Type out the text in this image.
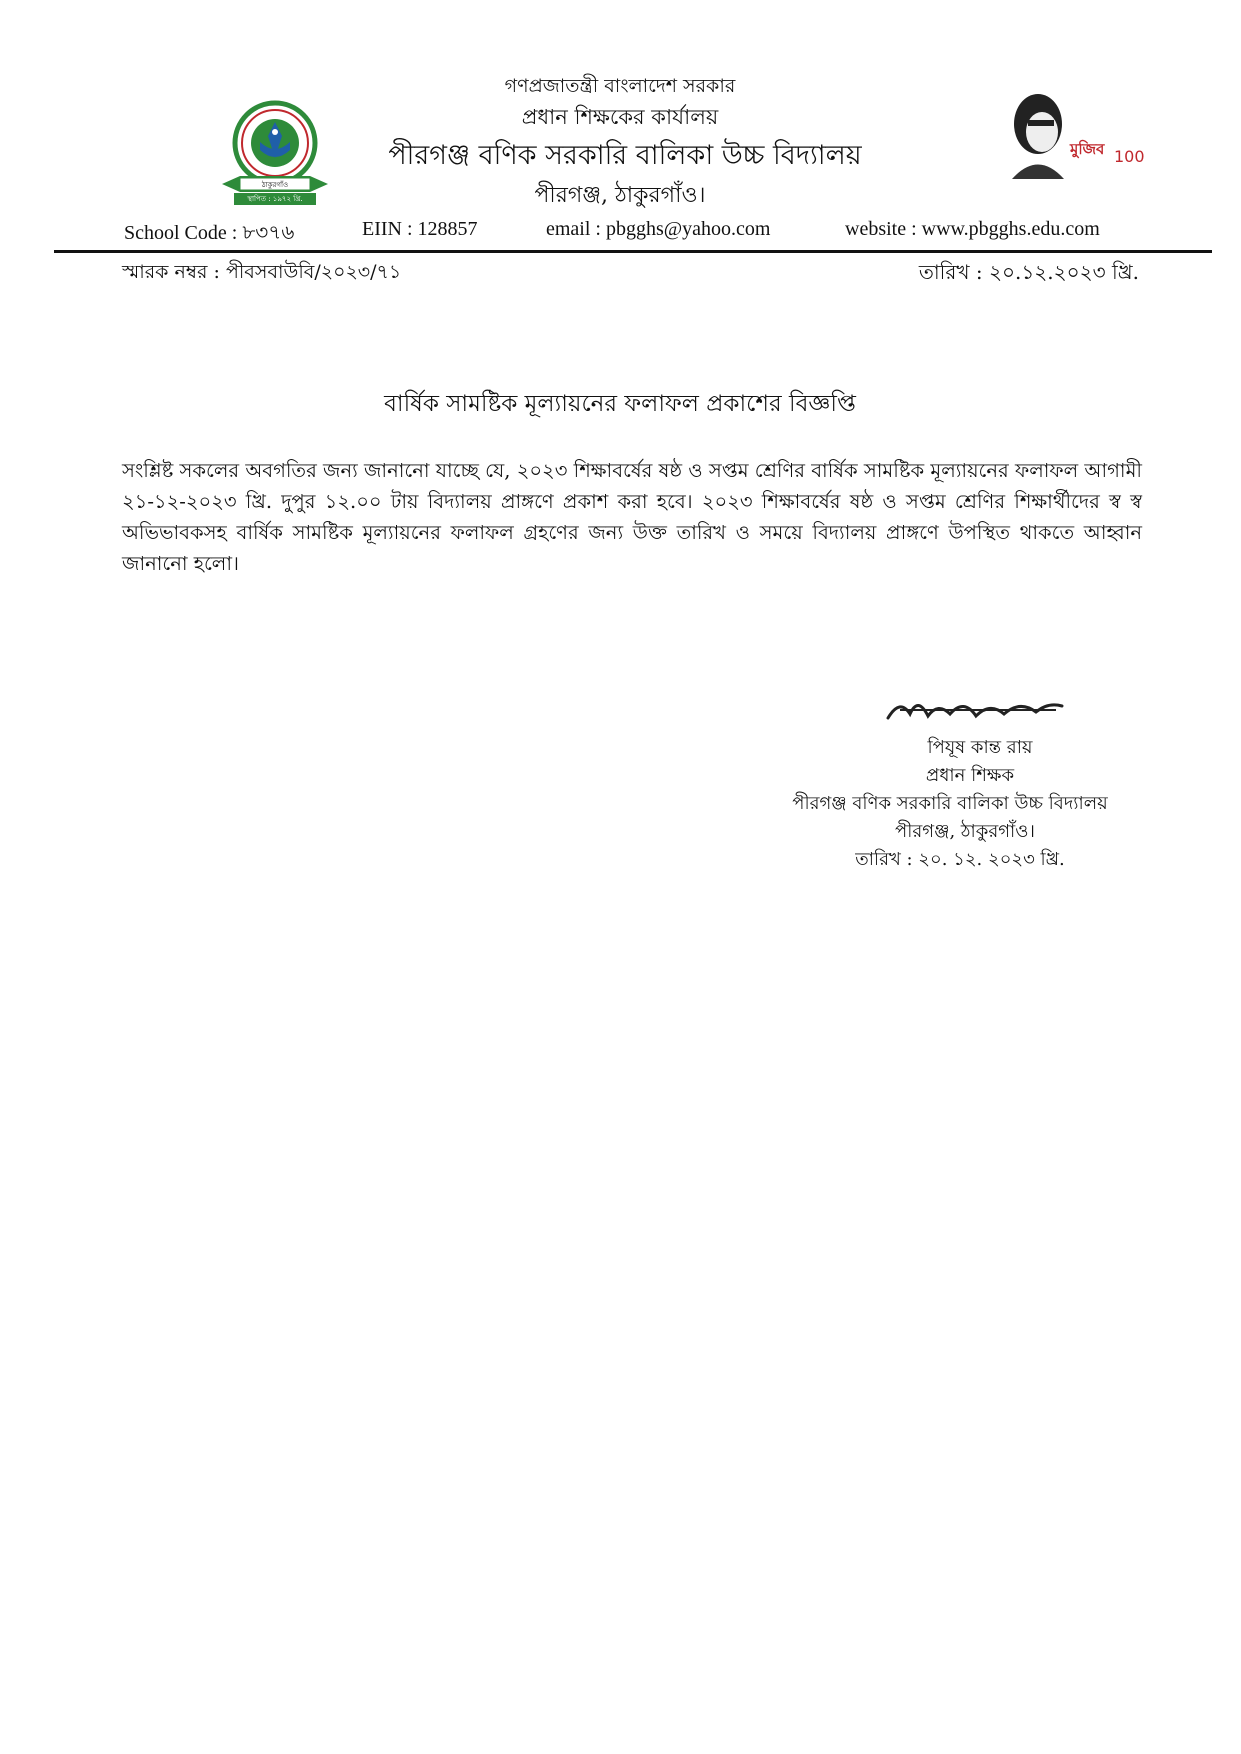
ঠাকুরগাঁও
স্থাপিত : ১৯৭২ খ্রি.
গণপ্রজাতন্ত্রী বাংলাদেশ সরকার
প্রধান শিক্ষকের কার্যালয়
পীরগঞ্জ বণিক সরকারি বালিকা উচ্চ বিদ্যালয়
পীরগঞ্জ, ঠাকুরগাঁও।
মুজিব 100
School Code : ৮৩৭৬	EIIN : 128857	email : pbgghs@yahoo.com	website : www.pbgghs.edu.com
স্মারক নম্বর : পীবসবাউবি/২০২৩/৭১	তারিখ : ২০.১২.২০২৩ খ্রি.
বার্ষিক সামষ্টিক মূল্যায়নের ফলাফল প্রকাশের বিজ্ঞপ্তি
সংশ্লিষ্ট সকলের অবগতির জন্য জানানো যাচ্ছে যে, ২০২৩ শিক্ষাবর্ষের ষষ্ঠ ও সপ্তম শ্রেণির বার্ষিক সামষ্টিক মূল্যায়নের ফলাফল আগামী ২১-১২-২০২৩ খ্রি. দুপুর ১২.০০ টায় বিদ্যালয় প্রাঙ্গণে প্রকাশ করা হবে। ২০২৩ শিক্ষাবর্ষের ষষ্ঠ ও সপ্তম শ্রেণির শিক্ষার্থীদের স্ব স্ব অভিভাবকসহ বার্ষিক সামষ্টিক মূল্যায়নের ফলাফল গ্রহণের জন্য উক্ত তারিখ ও সময়ে বিদ্যালয় প্রাঙ্গণে উপস্থিত থাকতে আহ্বান জানানো হলো।
পিযূষ কান্ত রায়
প্রধান শিক্ষক
পীরগঞ্জ বণিক সরকারি বালিকা উচ্চ বিদ্যালয়
পীরগঞ্জ, ঠাকুরগাঁও।
তারিখ : ২০. ১২. ২০২৩ খ্রি.
